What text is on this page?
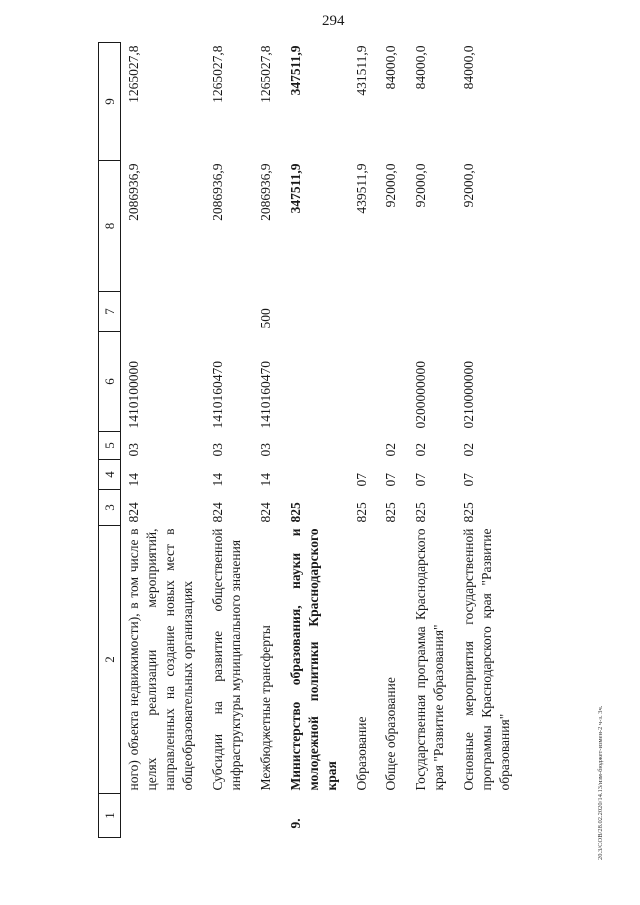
294
20.3/СОВ/28.02.2020/14.13/изм-бюджет-измен-2 ч-з. 3ч.
1	2	3	4	5	6	7	8	9

	ного) объекта недвижимости), в том числе в целях реализации мероприятий, направленных на создание новых мест в общеобразовательных организациях	824	14	03	1410100000		2086936,9	1265027,8
	Субсидии на развитие общественной инфраструктуры муниципального значения	824	14	03	1410160470		2086936,9	1265027,8
	Межбюджетные трансферты	824	14	03	1410160470	500	2086936,9	1265027,8
9.	Министерство образования, науки и молодежной политики Краснодарского края	825					347511,9	347511,9
	Образование	825	07				439511,9	431511,9
	Общее образование	825	07	02			92000,0	84000,0
	Государственная программа Краснодарского края "Развитие образования"	825	07	02	0200000000		92000,0	84000,0
	Основные мероприятия государственной программы Краснодарского края "Развитие образования"	825	07	02	0210000000		92000,0	84000,0
